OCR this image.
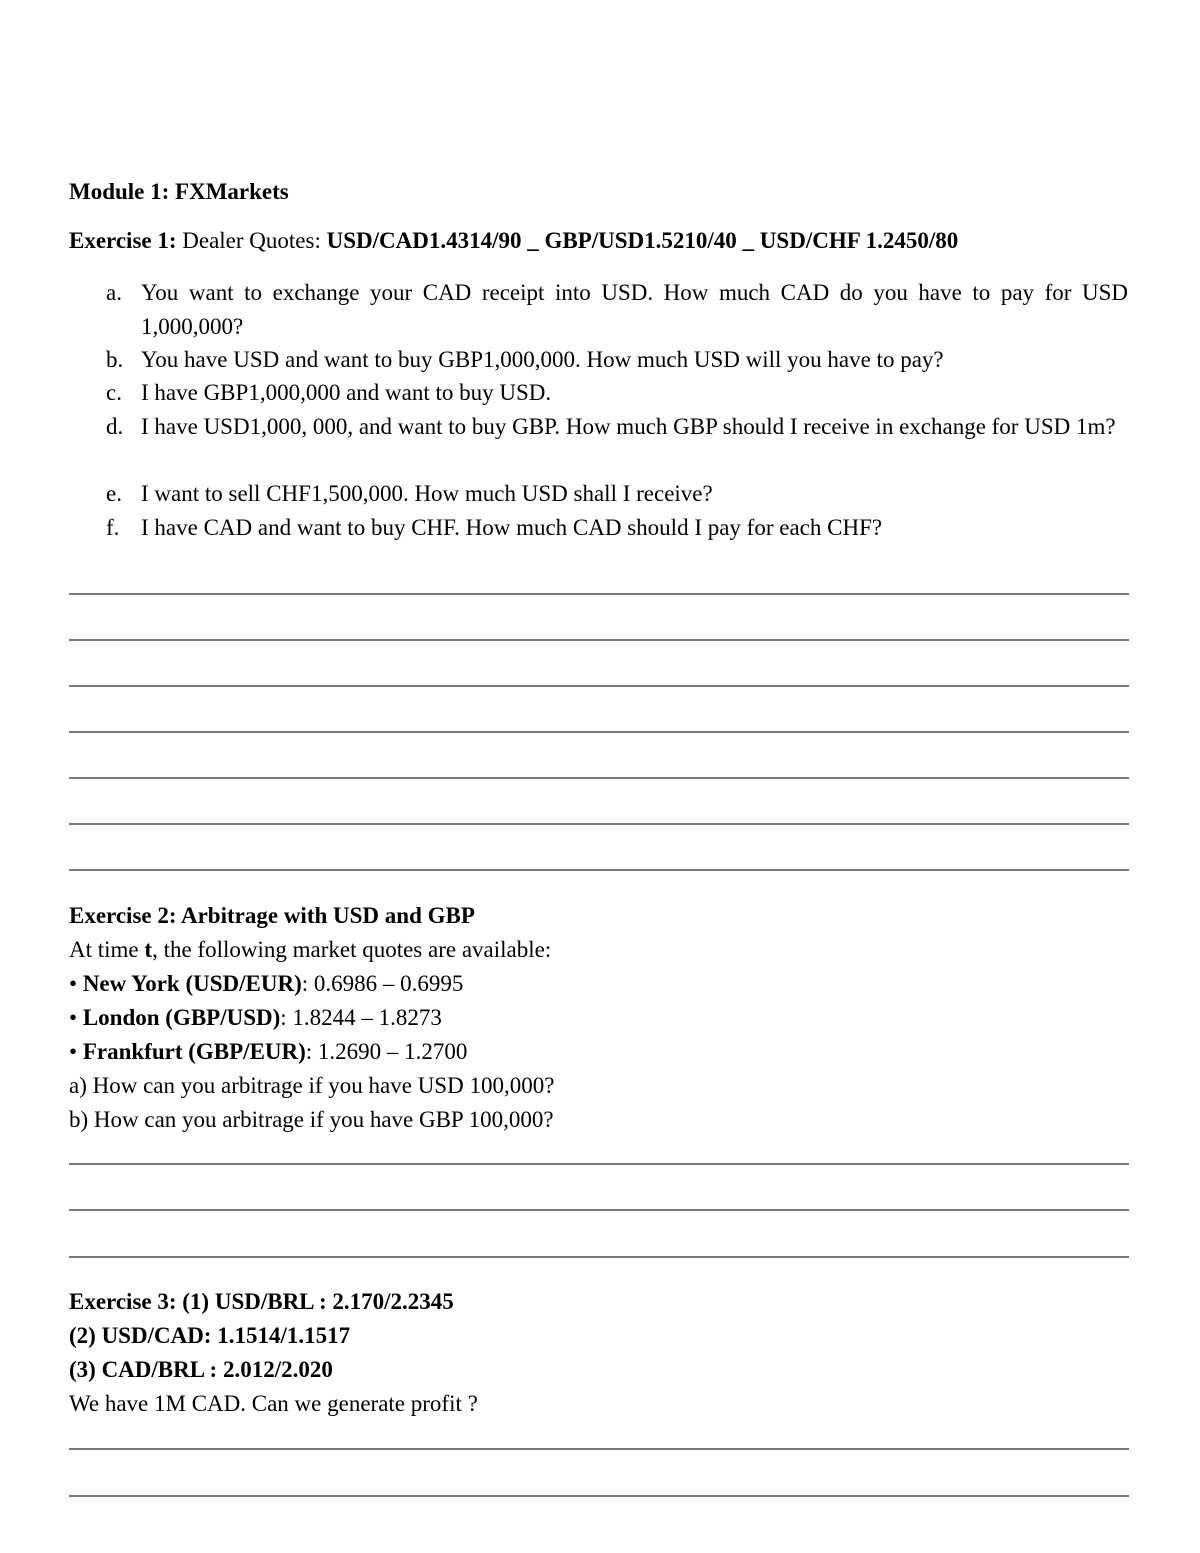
Module 1: FXMarkets
Exercise 1: Dealer Quotes: USD/CAD1.4314/90 _ GBP/USD1.5210/40 _ USD/CHF 1.2450/80
a. You want to exchange your CAD receipt into USD. How much CAD do you have to pay for USD 1,000,000?
b. You have USD and want to buy GBP1,000,000. How much USD will you have to pay?
c. I have GBP1,000,000 and want to buy USD.
d. I have USD1,000, 000, and want to buy GBP. How much GBP should I receive in exchange for USD 1m?
e. I want to sell CHF1,500,000. How much USD shall I receive?
f. I have CAD and want to buy CHF. How much CAD should I pay for each CHF?
Exercise 2: Arbitrage with USD and GBP
At time t, the following market quotes are available:
• New York (USD/EUR): 0.6986 – 0.6995
• London (GBP/USD): 1.8244 – 1.8273
• Frankfurt (GBP/EUR): 1.2690 – 1.2700
a) How can you arbitrage if you have USD 100,000?
b) How can you arbitrage if you have GBP 100,000?
Exercise 3: (1) USD/BRL : 2.170/2.2345
(2) USD/CAD: 1.1514/1.1517
(3) CAD/BRL : 2.012/2.020
We have 1M CAD. Can we generate profit ?
